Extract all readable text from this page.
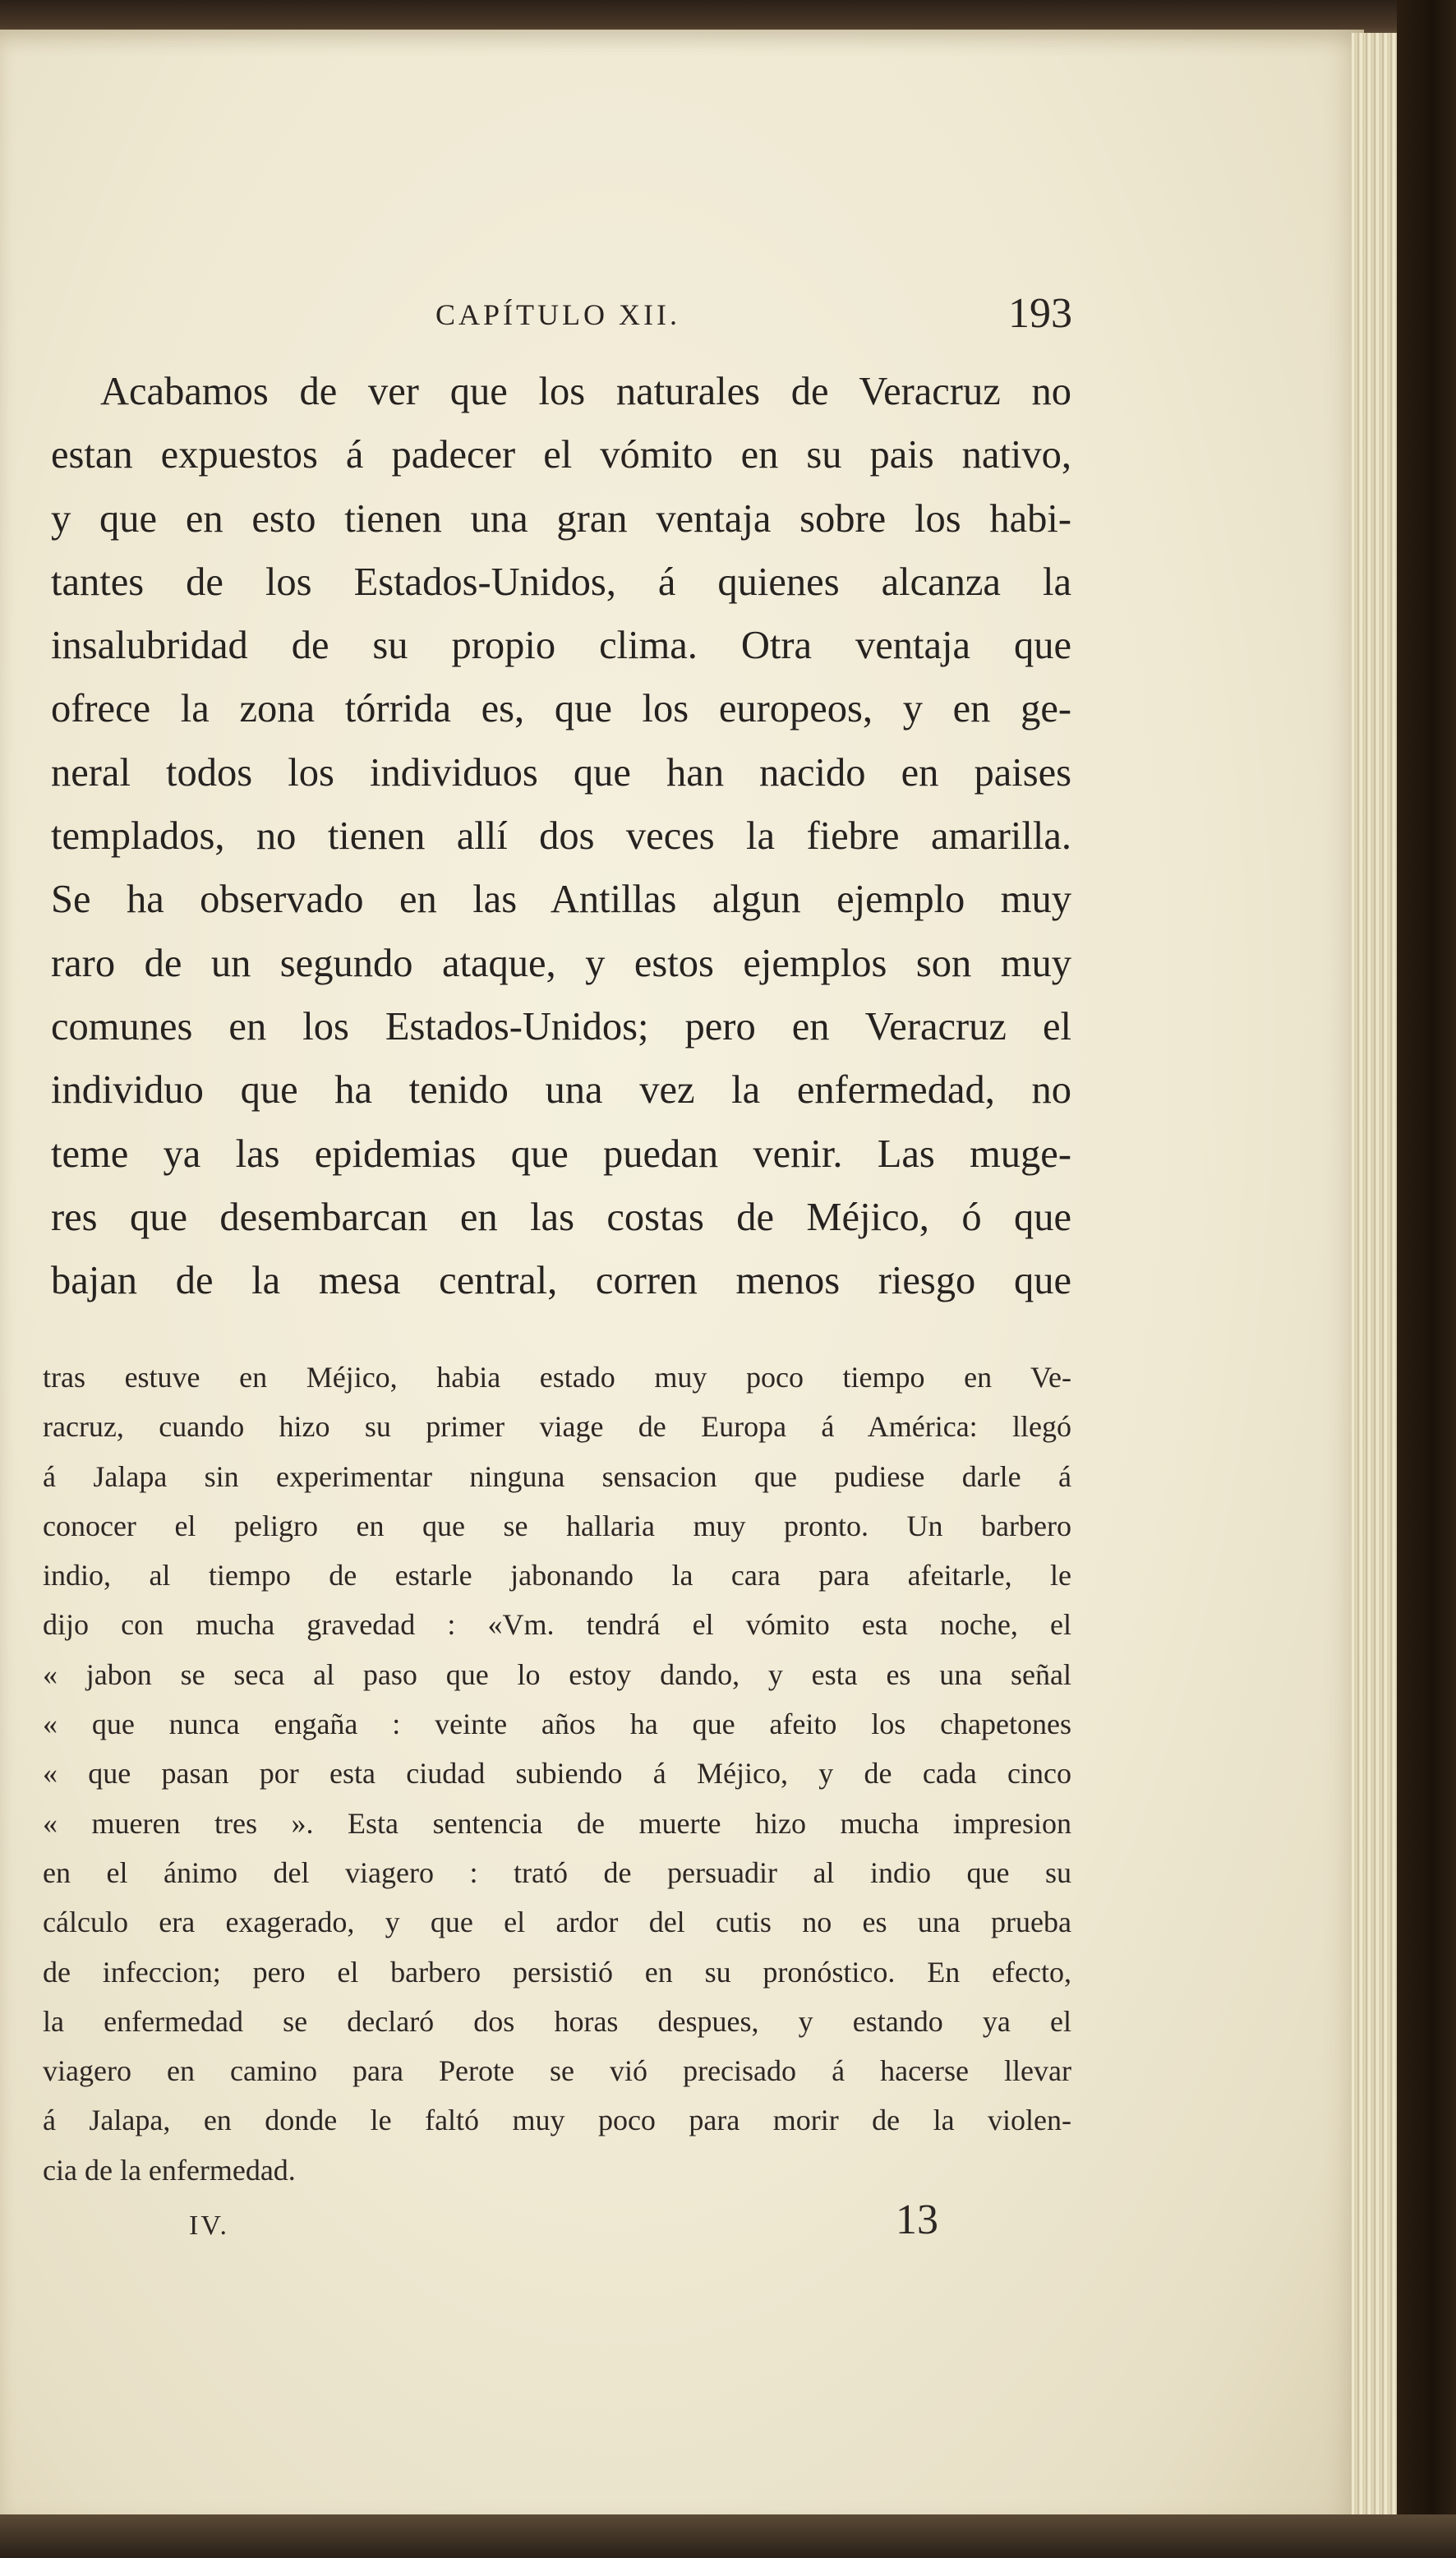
CAPÍTULO XII.	193
Acabamos de ver que los naturales de Veracruz no
estan expuestos á padecer el vómito en su pais nativo,
y que en esto tienen una gran ventaja sobre los habi-
tantes de los Estados-Unidos, á quienes alcanza la
insalubridad de su propio clima. Otra ventaja que
ofrece la zona tórrida es, que los europeos, y en ge-
neral todos los individuos que han nacido en paises
templados, no tienen allí dos veces la fiebre amarilla.
Se ha observado en las Antillas algun ejemplo muy
raro de un segundo ataque, y estos ejemplos son muy
comunes en los Estados-Unidos; pero en Veracruz el
individuo que ha tenido una vez la enfermedad, no
teme ya las epidemias que puedan venir. Las muge-
res que desembarcan en las costas de Méjico, ó que
bajan de la mesa central, corren menos riesgo que
tras estuve en Méjico, habia estado muy poco tiempo en Ve-
racruz, cuando hizo su primer viage de Europa á América: llegó
á Jalapa sin experimentar ninguna sensacion que pudiese darle á
conocer el peligro en que se hallaria muy pronto. Un barbero
indio, al tiempo de estarle jabonando la cara para afeitarle, le
dijo con mucha gravedad : «Vm. tendrá el vómito esta noche, el
« jabon se seca al paso que lo estoy dando, y esta es una señal
« que nunca engaña : veinte años ha que afeito los chapetones
« que pasan por esta ciudad subiendo á Méjico, y de cada cinco
« mueren tres ». Esta sentencia de muerte hizo mucha impresion
en el ánimo del viagero : trató de persuadir al indio que su
cálculo era exagerado, y que el ardor del cutis no es una prueba
de infeccion; pero el barbero persistió en su pronóstico. En efecto,
la enfermedad se declaró dos horas despues, y estando ya el
viagero en camino para Perote se vió precisado á hacerse llevar
á Jalapa, en donde le faltó muy poco para morir de la violen-
cia de la enfermedad.
IV.	13
